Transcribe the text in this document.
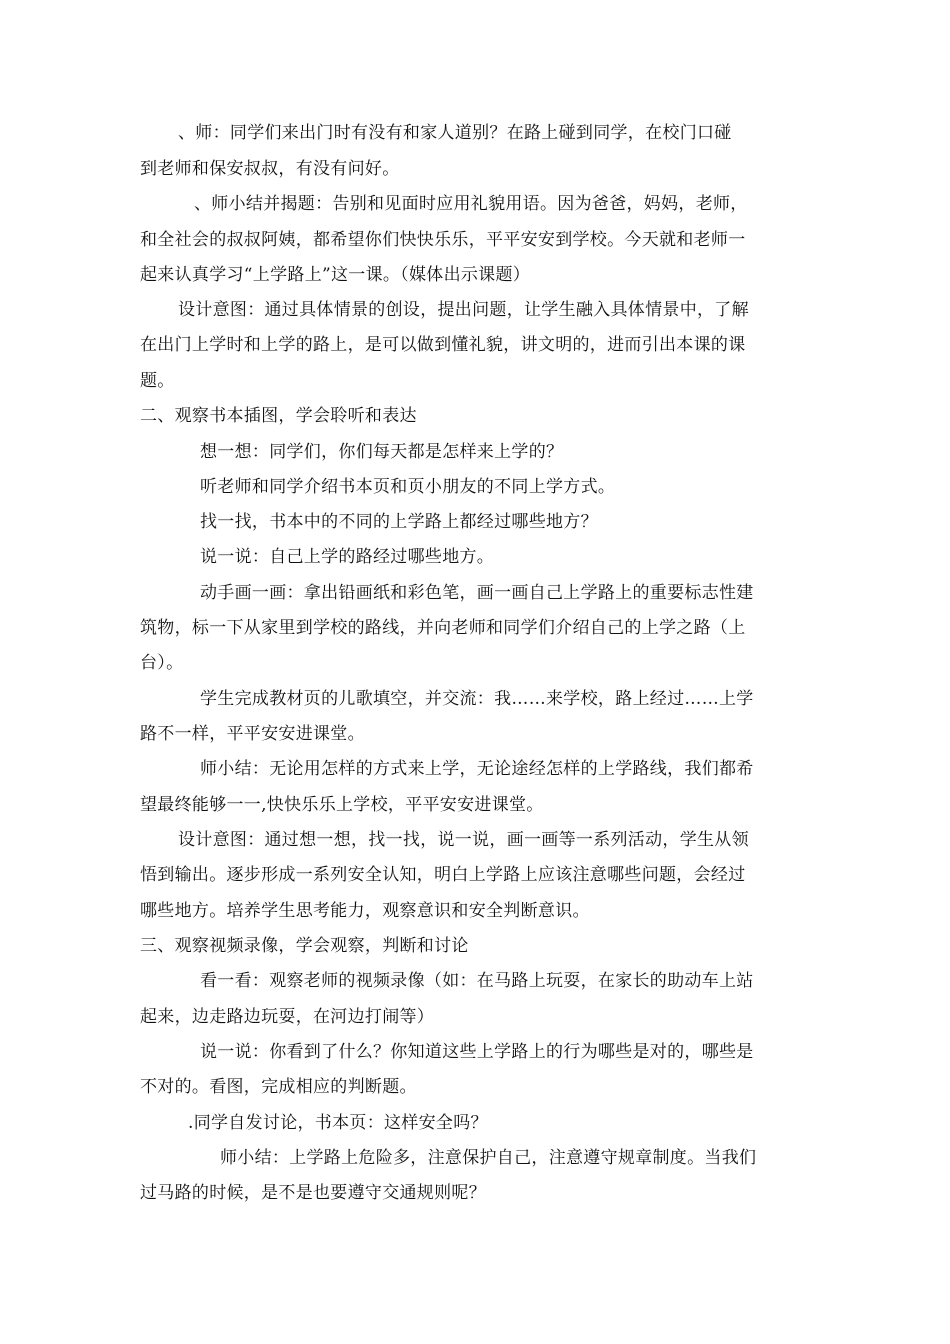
、师：同学们来出门时有没有和家人道别？在路上碰到同学，在校门口碰
到老师和保安叔叔，有没有问好。
、师小结并揭题：告别和见面时应用礼貌用语。因为爸爸，妈妈，老师，
和全社会的叔叔阿姨，都希望你们快快乐乐，平平安安到学校。今天就和老师一
起来认真学习“上学路上”这一课。（媒体出示课题）
设计意图：通过具体情景的创设，提出问题，让学生融入具体情景中，了解
在出门上学时和上学的路上，是可以做到懂礼貌，讲文明的，进而引出本课的课
题。
二、观察书本插图，学会聆听和表达
想一想：同学们，你们每天都是怎样来上学的？
听老师和同学介绍书本页和页小朋友的不同上学方式。
找一找，书本中的不同的上学路上都经过哪些地方？
说一说：自己上学的路经过哪些地方。
动手画一画：拿出铅画纸和彩色笔，画一画自己上学路上的重要标志性建
筑物，标一下从家里到学校的路线，并向老师和同学们介绍自己的上学之路（上
台）。
学生完成教材页的儿歌填空，并交流：我……来学校，路上经过……上学
路不一样，平平安安进课堂。
师小结：无论用怎样的方式来上学，无论途经怎样的上学路线，我们都希
望最终能够一一,快快乐乐上学校，平平安安进课堂。
设计意图：通过想一想，找一找，说一说，画一画等一系列活动，学生从领
悟到输出。逐步形成一系列安全认知，明白上学路上应该注意哪些问题，会经过
哪些地方。培养学生思考能力，观察意识和安全判断意识。
三、观察视频录像，学会观察，判断和讨论
看一看：观察老师的视频录像（如：在马路上玩耍，在家长的助动车上站
起来，边走路边玩耍，在河边打闹等）
说一说：你看到了什么？你知道这些上学路上的行为哪些是对的，哪些是
不对的。看图，完成相应的判断题。
.同学自发讨论，书本页：这样安全吗？
师小结：上学路上危险多，注意保护自己，注意遵守规章制度。当我们
过马路的时候，是不是也要遵守交通规则呢？
